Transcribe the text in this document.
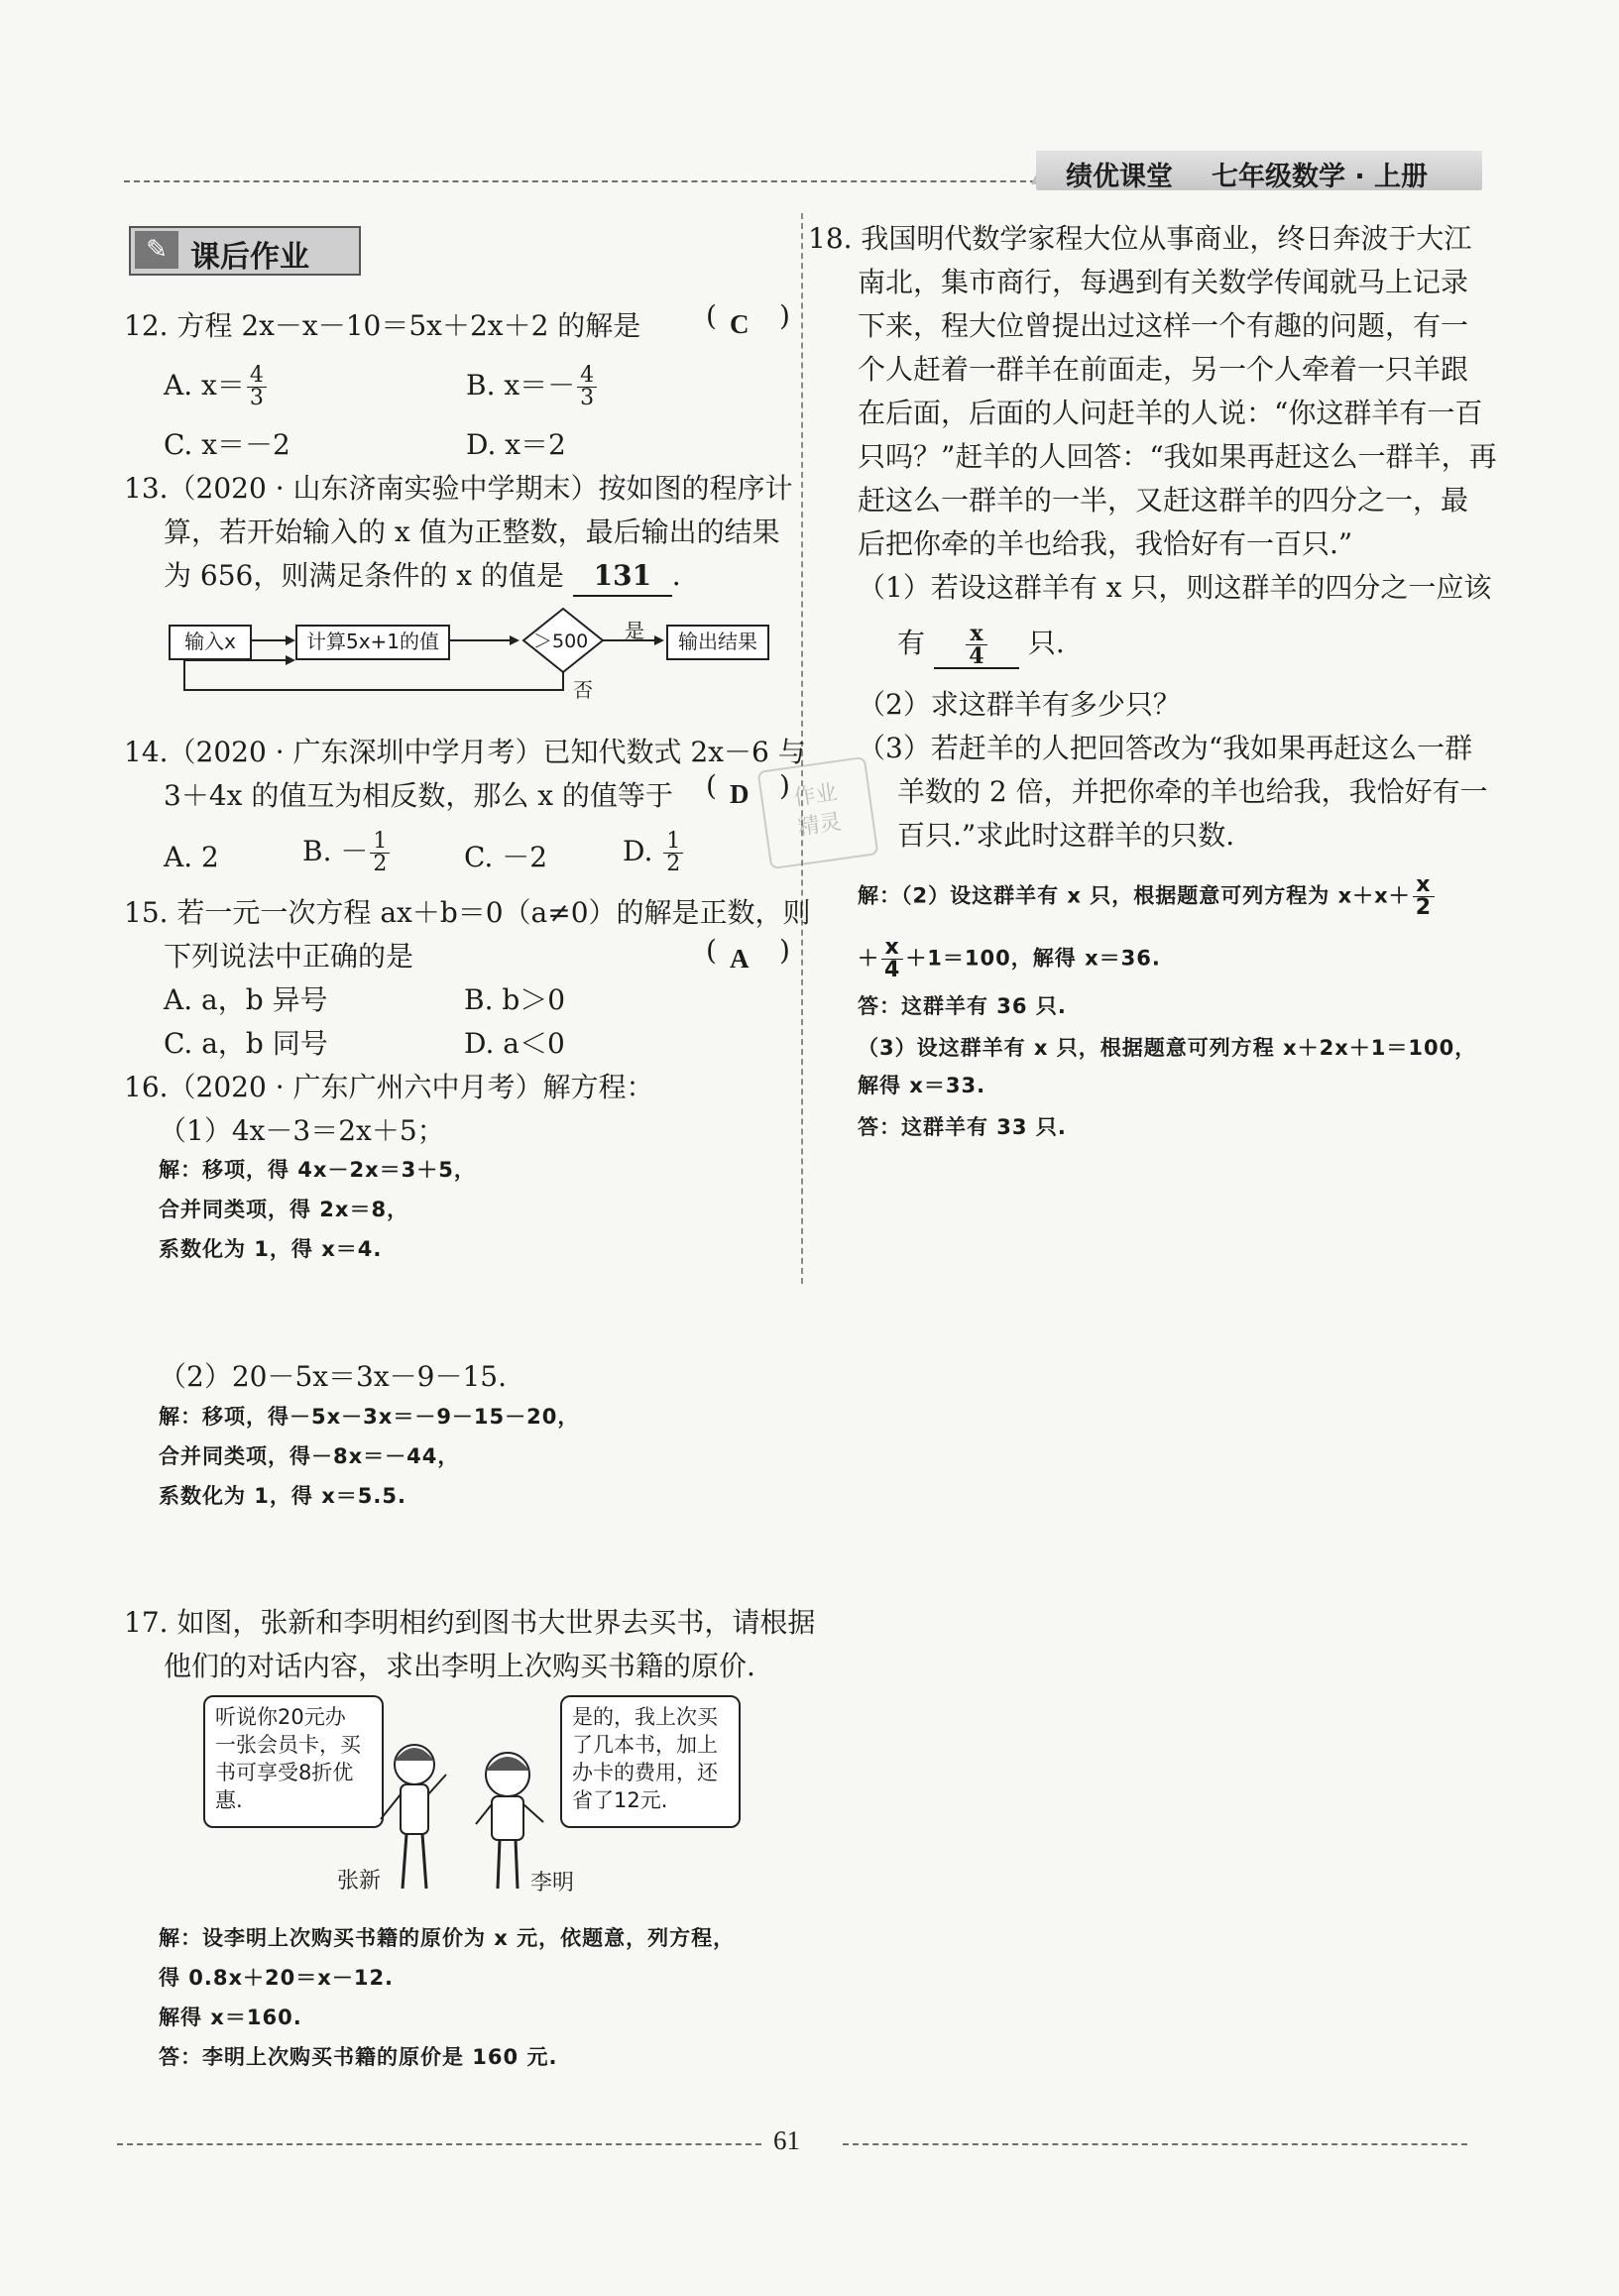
绩优课堂 七年级数学 · 上册
✎ 课后作业
12. 方程 2x－x－10＝5x＋2x＋2 的解是 ( C )
A. $x= \frac{4}{3}$	B. $x=- \frac{4}{3}$
C. x＝－2	D. x＝2
13.（2020 · 山东济南实验中学期末）按如图的程序计
算，若开始输入的 x 值为正整数，最后输出的结果
为 656，则满足条件的 x 的值是 131 ．
输入x	计算5x+1的值	输出结果
＞500 是
否
14.（2020 · 广东深圳中学月考）已知代数式 2x－6 与
3＋4x 的值互为相反数，那么 x 的值等于 ( D )
A. 2	B. － $\frac{1}{2}$	C. －2	D. $\frac{1}{2}$
15. 若一元一次方程 ax＋b＝0（a≠0）的解是正数，则
下列说法中正确的是	( A )
A. a，b 异号	B. b＞0
C. a，b 同号	D. a＜0
16.（2020 · 广东广州六中月考）解方程：
（1）4x－3＝2x＋5；
解：移项，得 4x－2x＝3＋5，
合并同类项，得 2x＝8，
系数化为 1，得 x＝4.
（2）20－5x＝3x－9－15.
解：移项，得－5x－3x＝－9－15－20，
合并同类项，得－8x＝－44，
系数化为 1，得 x＝5.5.
17. 如图，张新和李明相约到图书大世界去买书，请根据
他们的对话内容，求出李明上次购买书籍的原价.
听说你20元办
一张会员卡，买
书可享受8折优
惠.
是的，我上次买
了几本书，加上
办卡的费用，还
省了12元.
张新	李明
解：设李明上次购买书籍的原价为 x 元，依题意，列方程，
得 0.8x＋20＝x－12.
解得 x＝160.
答：李明上次购买书籍的原价是 160 元.
18. 我国明代数学家程大位从事商业，终日奔波于大江
南北，集市商行，每遇到有关数学传闻就马上记录
下来，程大位曾提出过这样一个有趣的问题，有一
个人赶着一群羊在前面走，另一个人牵着一只羊跟
在后面，后面的人问赶羊的人说：“你这群羊有一百
只吗？”赶羊的人回答：“我如果再赶这么一群羊，再
赶这么一群羊的一半，又赶这群羊的四分之一，最
后把你牵的羊也给我，我恰好有一百只.”
（1）若设这群羊有 x 只，则这群羊的四分之一应该
有 $\frac{x}{4}$ 只.
（2）求这群羊有多少只？
（3）若赶羊的人把回答改为“我如果再赶这么一群
羊数的 2 倍，并把你牵的羊也给我，我恰好有一
百只.”求此时这群羊的只数.
解：（2）设这群羊有 x 只，根据题意可列方程为 $x+x+ \frac{x}{2}$
＋ $\frac{x}{4} +1=100$，解得 x＝36.
答：这群羊有 36 只.
（3）设这群羊有 x 只，根据题意可列方程 x＋2x＋1＝100，
解得 x＝33.
答：这群羊有 33 只.
作业
精灵
61
